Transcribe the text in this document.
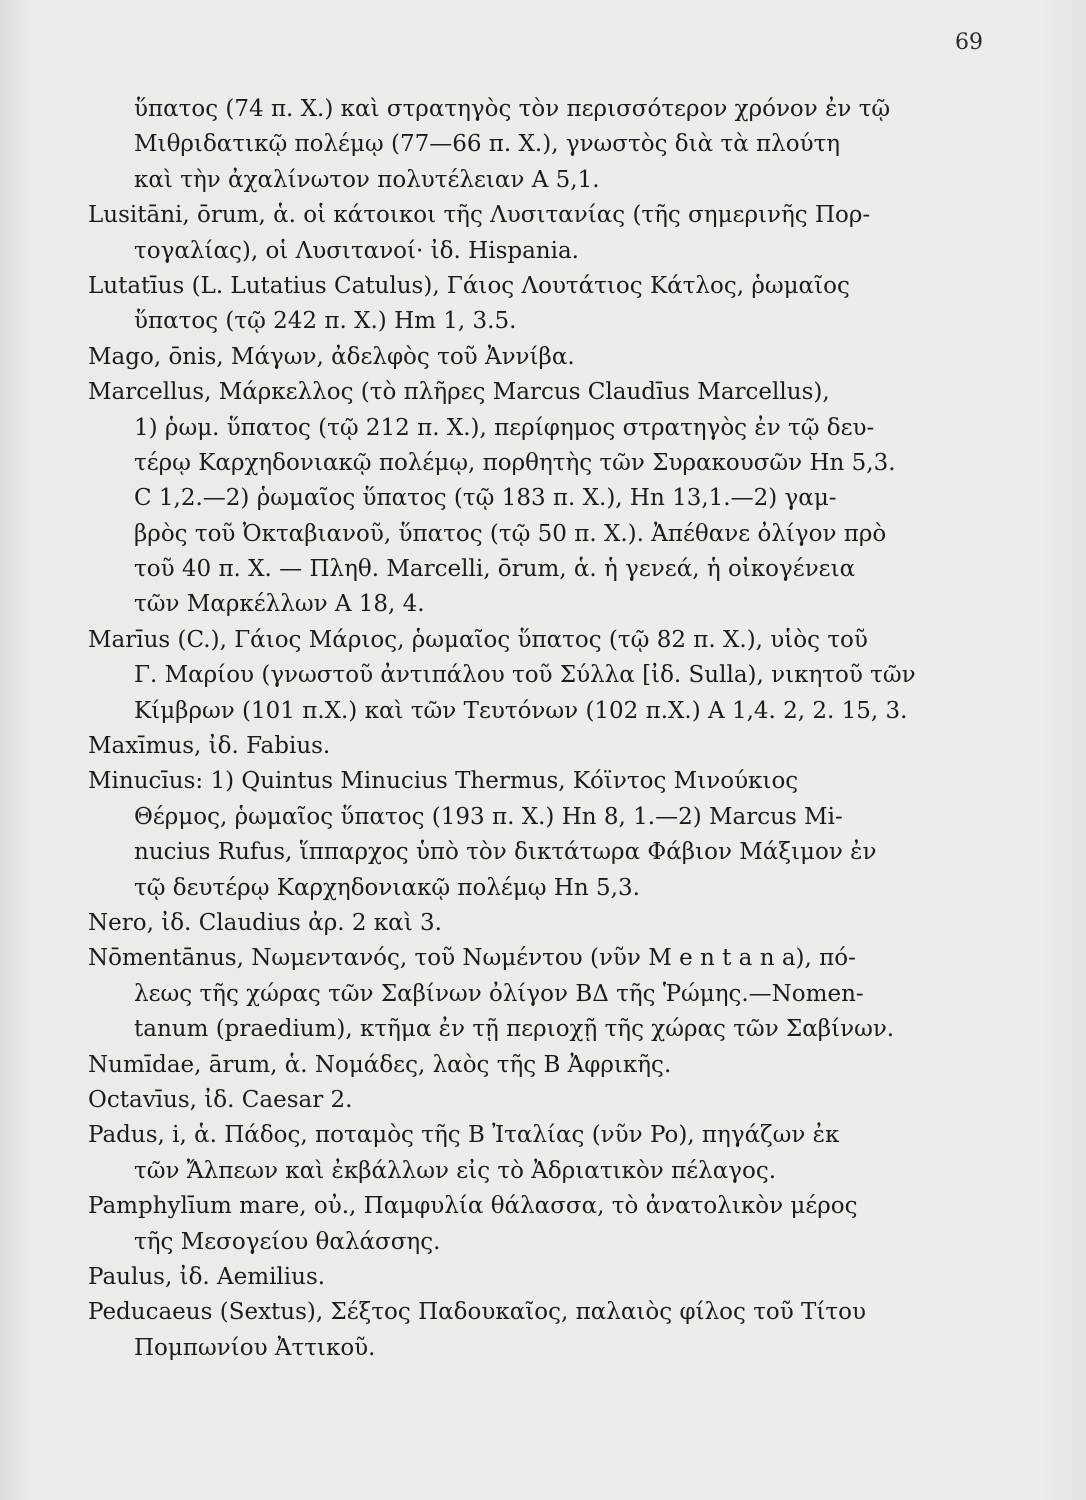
69
ὕπατος (74 π. Χ.) καὶ στρατηγὸς τὸν περισσότερον χρόνον ἐν τῷ
Μιθριδατικῷ πολέμῳ (77—66 π. Χ.), γνωστὸς διὰ τὰ πλούτη
καὶ τὴν ἀχαλίνωτον πολυτέλειαν Α 5,1.
Lusitāni, ōrum, ἁ. οἱ κάτοικοι τῆς Λυσιτανίας (τῆς σημερινῆς Πορ-
τογαλίας), οἱ Λυσιτανοί· ἰδ. Hispania.
Lutatīus (L. Lutatius Catulus), Γάιος Λουτάτιος Κάτλος, ῥωμαῖος
ὕπατος (τῷ 242 π. Χ.) Hm 1, 3.5.
Mago, ōnis, Μάγων, ἀδελφὸς τοῦ Ἀννίβα.
Marcellus, Μάρκελλος (τὸ πλῆρες Marcus Claudīus Marcellus),
1) ῥωμ. ὕπατος (τῷ 212 π. Χ.), περίφημος στρατηγὸς ἐν τῷ δευ-
τέρῳ Καρχηδονιακῷ πολέμῳ, πορθητὴς τῶν Συρακουσῶν Hn 5,3.
C 1,2.—2) ῥωμαῖος ὕπατος (τῷ 183 π. Χ.), Hn 13,1.—2) γαμ-
βρὸς τοῦ Ὀκταβιανοῦ, ὕπατος (τῷ 50 π. Χ.). Ἀπέθανε ὀλίγον πρὸ
τοῦ 40 π. Χ. — Πληθ. Marcelli, ōrum, ἁ. ἡ γενεά, ἡ οἰκογένεια
τῶν Μαρκέλλων Α 18, 4.
Marīus (C.), Γάιος Μάριος, ῥωμαῖος ὕπατος (τῷ 82 π. Χ.), υἱὸς τοῦ
Γ. Μαρίου (γνωστοῦ ἀντιπάλου τοῦ Σύλλα [ἰδ. Sulla), νικητοῦ τῶν
Κίμβρων (101 π.Χ.) καὶ τῶν Τευτόνων (102 π.Χ.) Α 1,4. 2, 2. 15, 3.
Maxīmus, ἰδ. Fabius.
Minucīus: 1) Quintus Minucius Thermus, Κόϊντος Μινούκιος
Θέρμος, ῥωμαῖος ὕπατος (193 π. Χ.) Hn 8, 1.—2) Marcus Mi-
nucius Rufus, ἵππαρχος ὑπὸ τὸν δικτάτωρα Φάβιον Μάξιμον ἐν
τῷ δευτέρῳ Καρχηδονιακῷ πολέμῳ Hn 5,3.
Nero, ἰδ. Claudius ἀρ. 2 καὶ 3.
Nōmentānus, Νωμεντανός, τοῦ Νωμέντου (νῦν M e n t a n a), πό-
λεως τῆς χώρας τῶν Σαβίνων ὀλίγον ΒΔ τῆς Ῥώμης.—Nomen-
tanum (praedium), κτῆμα ἐν τῇ περιοχῇ τῆς χώρας τῶν Σαβίνων.
Numīdae, ārum, ἁ. Νομάδες, λαὸς τῆς Β Ἀφρικῆς.
Octavīus, ἰδ. Caesar 2.
Padus, i, ἁ. Πάδος, ποταμὸς τῆς Β Ἰταλίας (νῦν Po), πηγάζων ἐκ
τῶν Ἄλπεων καὶ ἐκβάλλων εἰς τὸ Ἀδριατικὸν πέλαγος.
Pamphylīum mare, οὐ., Παμφυλία θάλασσα, τὸ ἀνατολικὸν μέρος
τῆς Μεσογείου θαλάσσης.
Paulus, ἰδ. Aemilius.
Peducaeus (Sextus), Σέξτος Παδουκαῖος, παλαιὸς φίλος τοῦ Τίτου
Πομπωνίου Ἀττικοῦ.
